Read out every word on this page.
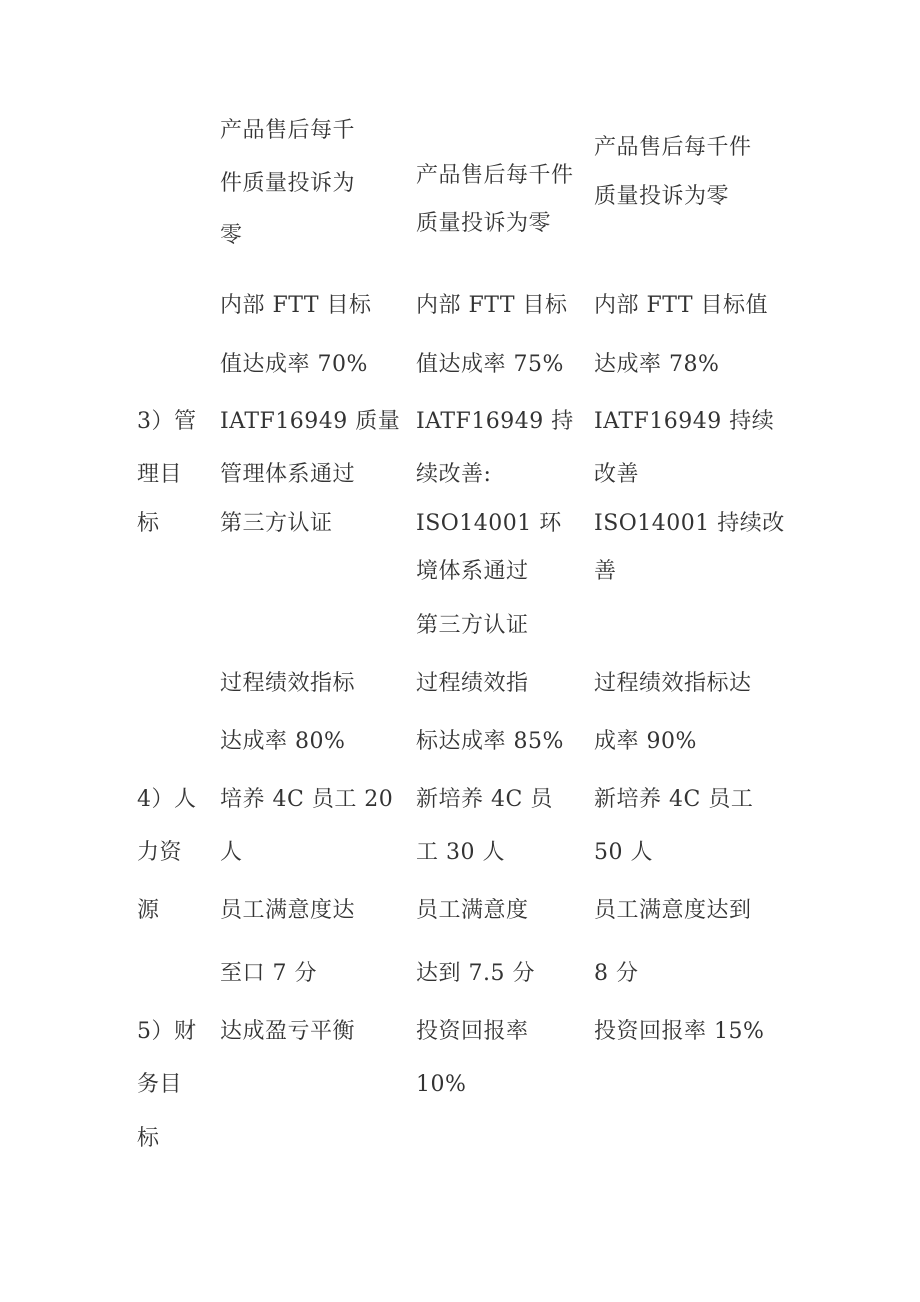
产品售后每千
件质量投诉为
零
产品售后每千件
质量投诉为零
产品售后每千件
质量投诉为零
内部 FTT 目标
值达成率 70%
内部 FTT 目标
值达成率 75%
内部 FTT 目标值
达成率 78%
3）管
理目
标
IATF16949 质量
管理体系通过
第三方认证
IATF16949 持
续改善:
ISO14001 环
境体系通过
第三方认证
IATF16949 持续
改善
ISO14001 持续改
善
过程绩效指标
达成率 80%
过程绩效指
标达成率 85%
过程绩效指标达
成率 90%
4）人
力资
培养 4C 员工 20
人
新培养 4C 员
工 30 人
新培养 4C 员工
50 人
源	员工满意度达
至口 7 分
员工满意度
达到 7.5 分
员工满意度达到
8 分
5）财
务目
标
达成盈亏平衡	投资回报率
10%
投资回报率 15%
